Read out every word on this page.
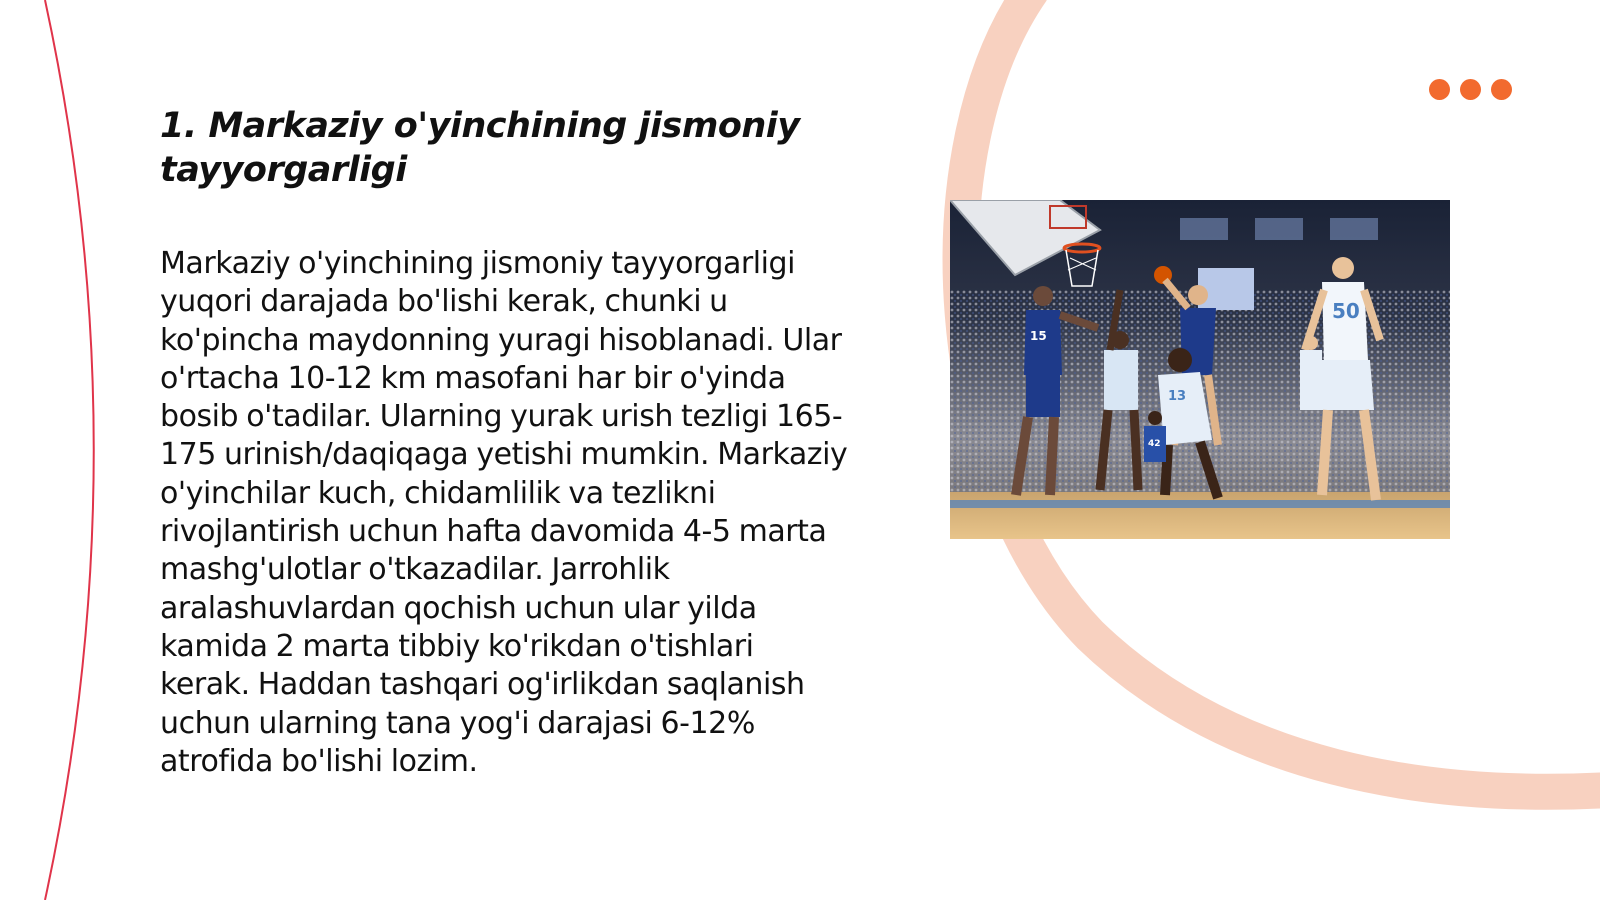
1. Markaziy o'yinchining jismoniy tayyorgarligi

Markaziy o'yinchining jismoniy tayyorgarligi yuqori darajada bo'lishi kerak, chunki u ko'pincha maydonning yuragi hisoblanadi. Ular o'rtacha 10-12 km masofani har bir o'yinda bosib o'tadilar. Ularning yurak urish tezligi 165-175 urinish/daqiqaga yetishi mumkin. Markaziy o'yinchilar kuch, chidamlilik va tezlikni rivojlantirish uchun hafta davomida 4-5 marta mashg'ulotlar o'tkazadilar. Jarrohlik aralashuvlardan qochish uchun ular yilda kamida 2 marta tibbiy ko'rikdan o'tishlari kerak. Haddan tashqari og'irlikdan saqlanish uchun ularning tana yog'i darajasi 6-12% atrofida bo'lishi lozim.

15
13
42
50
